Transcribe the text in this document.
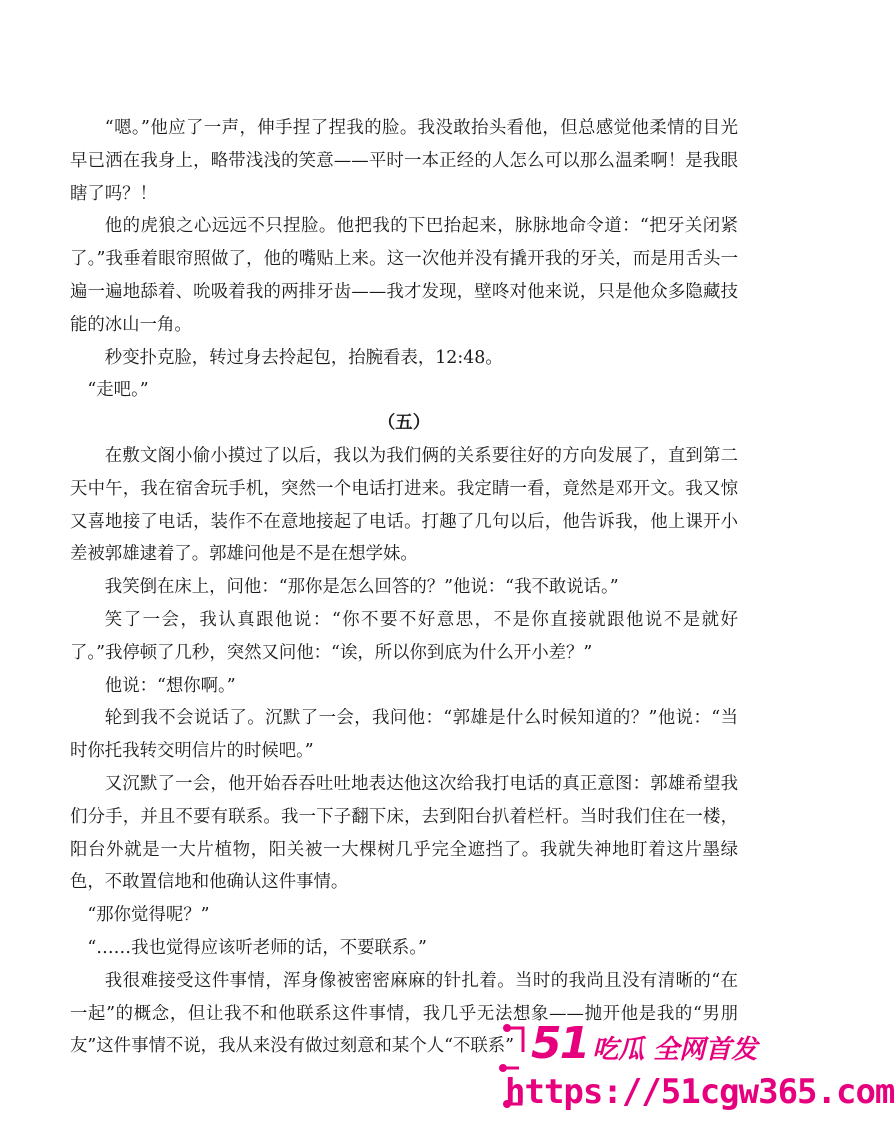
“嗯。”他应了一声，伸手捏了捏我的脸。我没敢抬头看他，但总感觉他柔情的目光早已洒在我身上，略带浅浅的笑意——平时一本正经的人怎么可以那么温柔啊！是我眼瞎了吗？！

他的虎狼之心远远不只捏脸。他把我的下巴抬起来，脉脉地命令道：“把牙关闭紧了。”我垂着眼帘照做了，他的嘴贴上来。这一次他并没有撬开我的牙关，而是用舌头一遍一遍地舔着、吮吸着我的两排牙齿——我才发现，壁咚对他来说，只是他众多隐藏技能的冰山一角。

秒变扑克脸，转过身去拎起包，抬腕看表，12:48。

“走吧。”

（五）

在敷文阁小偷小摸过了以后，我以为我们俩的关系要往好的方向发展了，直到第二天中午，我在宿舍玩手机，突然一个电话打进来。我定睛一看，竟然是邓开文。我又惊又喜地接了电话，装作不在意地接起了电话。打趣了几句以后，他告诉我，他上课开小差被郭雄逮着了。郭雄问他是不是在想学妹。

我笑倒在床上，问他：“那你是怎么回答的？”他说：“我不敢说话。”

笑了一会，我认真跟他说：“你不要不好意思，不是你直接就跟他说不是就好了。”我停顿了几秒，突然又问他：“诶，所以你到底为什么开小差？”

他说：“想你啊。”

轮到我不会说话了。沉默了一会，我问他：“郭雄是什么时候知道的？”他说：“当时你托我转交明信片的时候吧。”

又沉默了一会，他开始吞吞吐吐地表达他这次给我打电话的真正意图：郭雄希望我们分手，并且不要有联系。我一下子翻下床，去到阳台扒着栏杆。当时我们住在一楼，阳台外就是一大片植物，阳关被一大棵树几乎完全遮挡了。我就失神地盯着这片墨绿色，不敢置信地和他确认这件事情。

“那你觉得呢？”

“……我也觉得应该听老师的话，不要联系。”

我很难接受这件事情，浑身像被密密麻麻的针扎着。当时的我尚且没有清晰的“在一起”的概念，但让我不和他联系这件事情，我几乎无法想象——抛开他是我的“男朋友”这件事情不说，我从来没有做过刻意和某个人“不联系” 51 吃瓜 全网首发
https://51cgw365.com
